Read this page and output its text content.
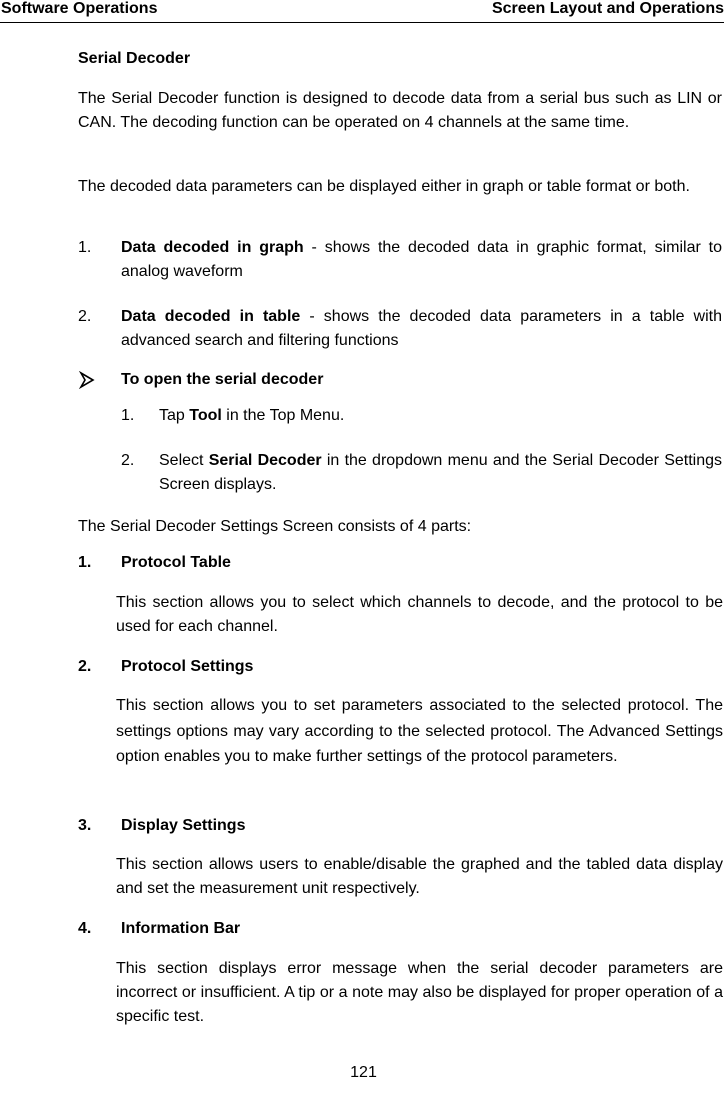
Software Operations	Screen Layout and Operations
Serial Decoder
The Serial Decoder function is designed to decode data from a serial bus such as LIN or CAN. The decoding function can be operated on 4 channels at the same time.
The decoded data parameters can be displayed either in graph or table format or both.
1. Data decoded in graph - shows the decoded data in graphic format, similar to analog waveform
2. Data decoded in table - shows the decoded data parameters in a table with advanced search and filtering functions
To open the serial decoder
1. Tap Tool in the Top Menu.
2. Select Serial Decoder in the dropdown menu and the Serial Decoder Settings Screen displays.
The Serial Decoder Settings Screen consists of 4 parts:
1. Protocol Table
This section allows you to select which channels to decode, and the protocol to be used for each channel.
2. Protocol Settings
This section allows you to set parameters associated to the selected protocol. The settings options may vary according to the selected protocol. The Advanced Settings option enables you to make further settings of the protocol parameters.
3. Display Settings
This section allows users to enable/disable the graphed and the tabled data display and set the measurement unit respectively.
4. Information Bar
This section displays error message when the serial decoder parameters are incorrect or insufficient. A tip or a note may also be displayed for proper operation of a specific test.
121
